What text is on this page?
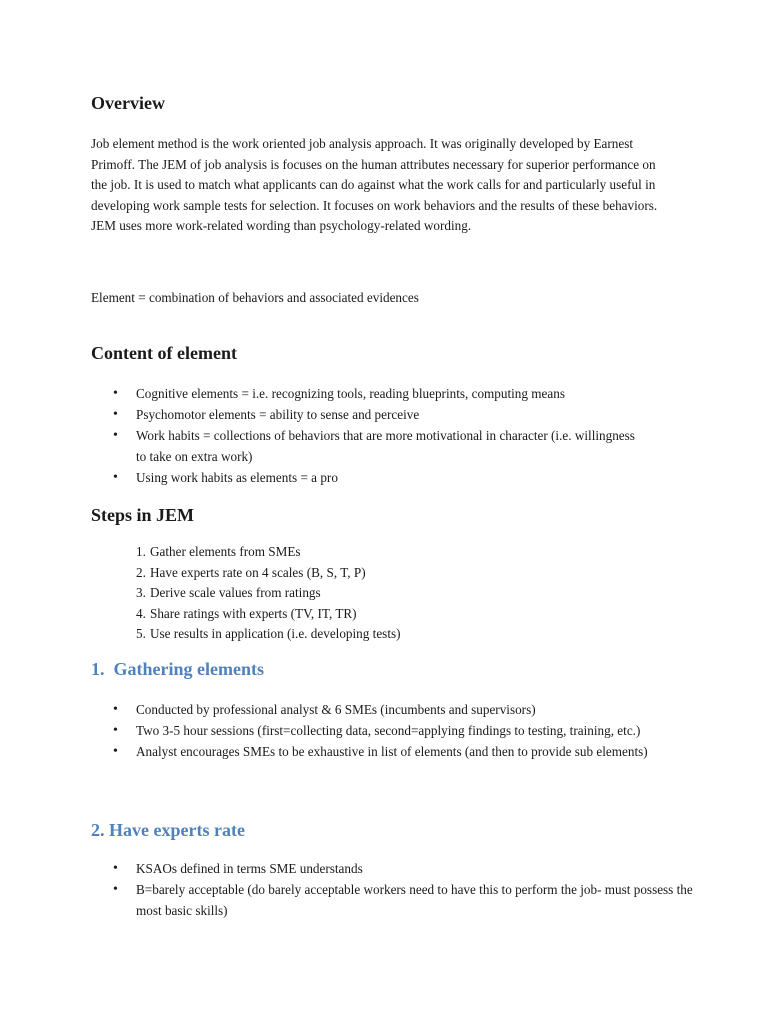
Overview

Job element method is the work oriented job analysis approach. It was originally developed by Earnest Primoff. The JEM of job analysis is focuses on the human attributes necessary for superior performance on the job. It is used to match what applicants can do against what the work calls for and particularly useful in developing work sample tests for selection. It focuses on work behaviors and the results of these behaviors. JEM uses more work-related wording than psychology-related wording.

Element = combination of behaviors and associated evidences

Content of element
• Cognitive elements = i.e. recognizing tools, reading blueprints, computing means
• Psychomotor elements = ability to sense and perceive
• Work habits = collections of behaviors that are more motivational in character (i.e. willingness to take on extra work)
• Using work habits as elements = a pro
Steps in JEM
1. Gather elements from SMEs
2. Have experts rate on 4 scales (B, S, T, P)
3. Derive scale values from ratings
4. Share ratings with experts (TV, IT, TR)
5. Use results in application (i.e. developing tests)
1.  Gathering elements
• Conducted by professional analyst & 6 SMEs (incumbents and supervisors)
• Two 3-5 hour sessions (first=collecting data, second=applying findings to testing, training, etc.)
• Analyst encourages SMEs to be exhaustive in list of elements (and then to provide sub elements)
2. Have experts rate
• KSAOs defined in terms SME understands
• B=barely acceptable (do barely acceptable workers need to have this to perform the job- must possess the most basic skills)
